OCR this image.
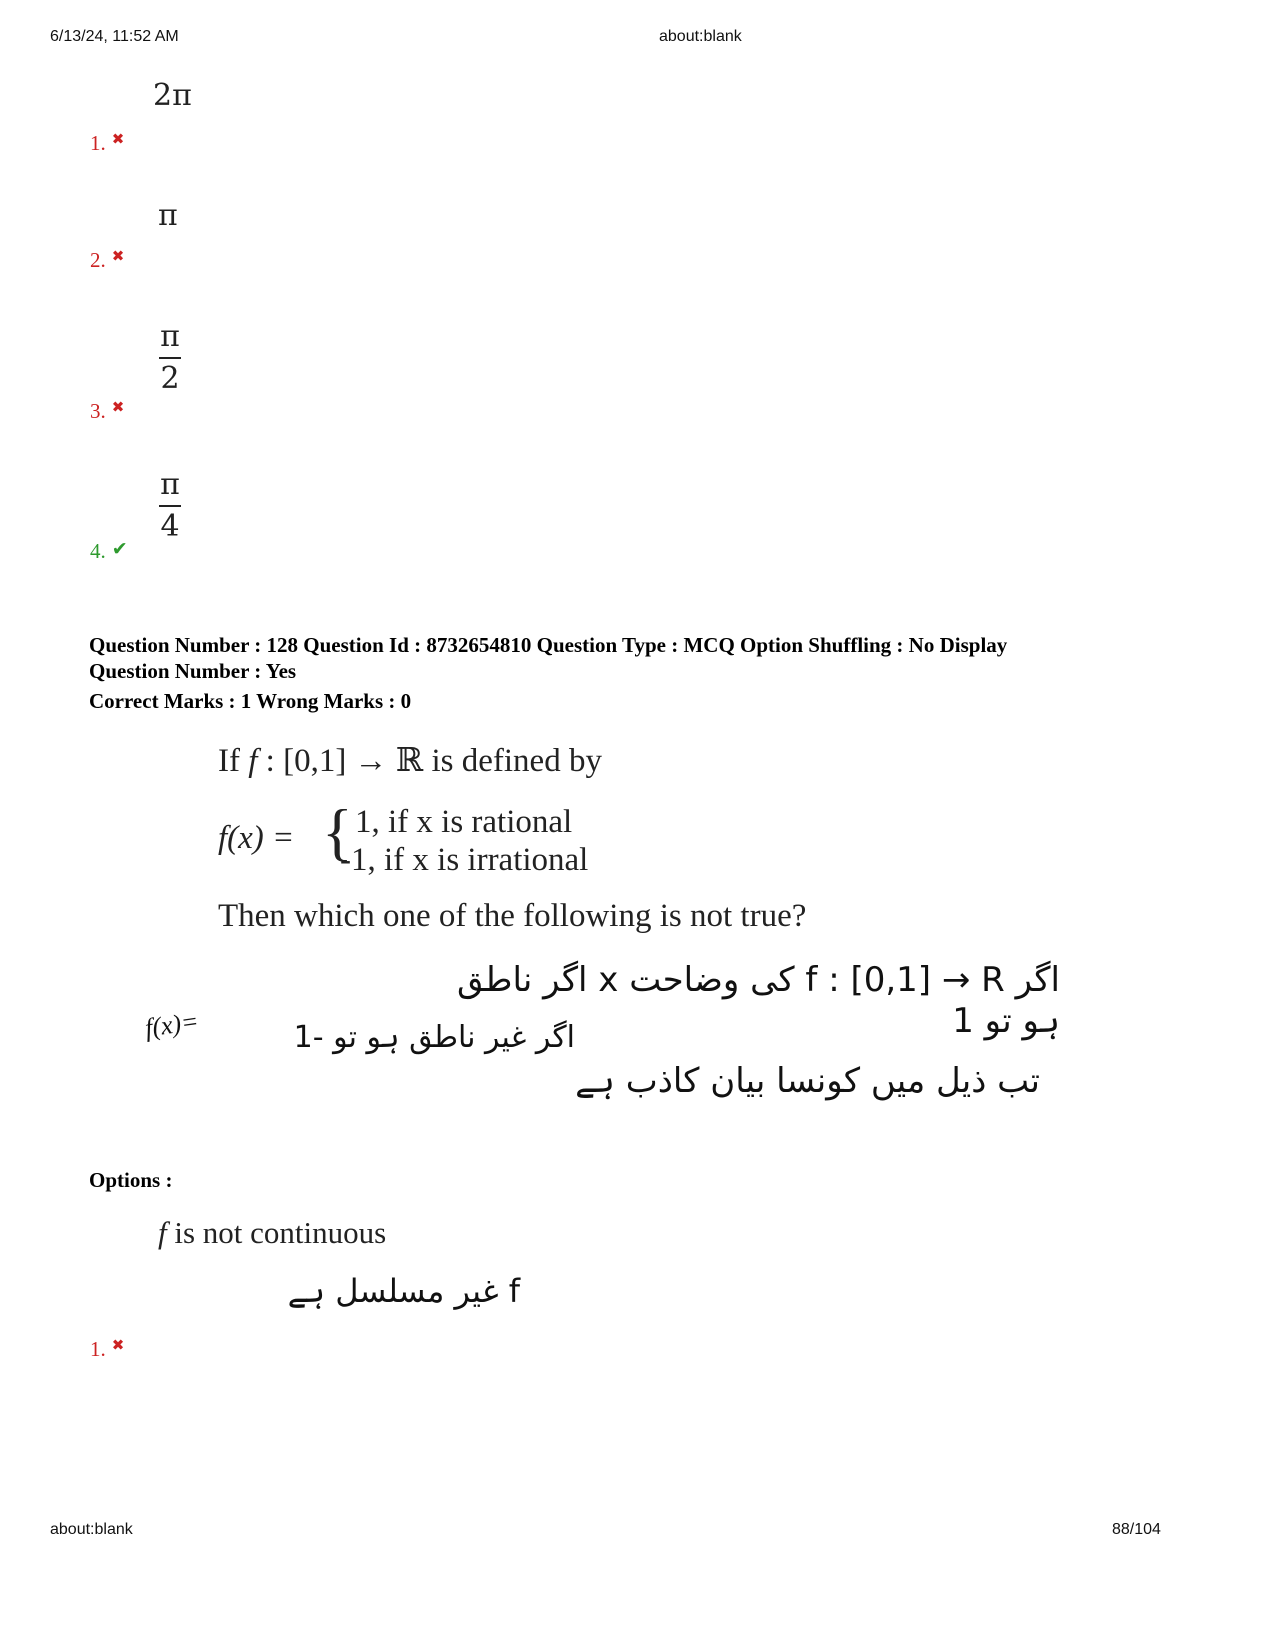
6/13/24, 11:52 AM	about:blank
2π
1. ✖
π
2. ✖
π
2
3. ✖
π
4
4. ✔
Question Number : 128 Question Id : 8732654810 Question Type : MCQ Option Shuffling : No Display
Question Number : Yes
Correct Marks : 1 Wrong Marks : 0
If f : [0,1] → ℝ is defined by
f(x) = { 1, if x is rational
-1, if x is irrational
Then which one of the following is not true?
اگر f : [0,1] → R کی وضاحت x اگر ناطق ہو تو 1
f(x)=	اگر غیر ناطق ہو تو -1
تب ذیل میں کونسا بیان کاذب ہے
Options :
f is not continuous
f غیر مسلسل ہے
1. ✖
about:blank	88/104
